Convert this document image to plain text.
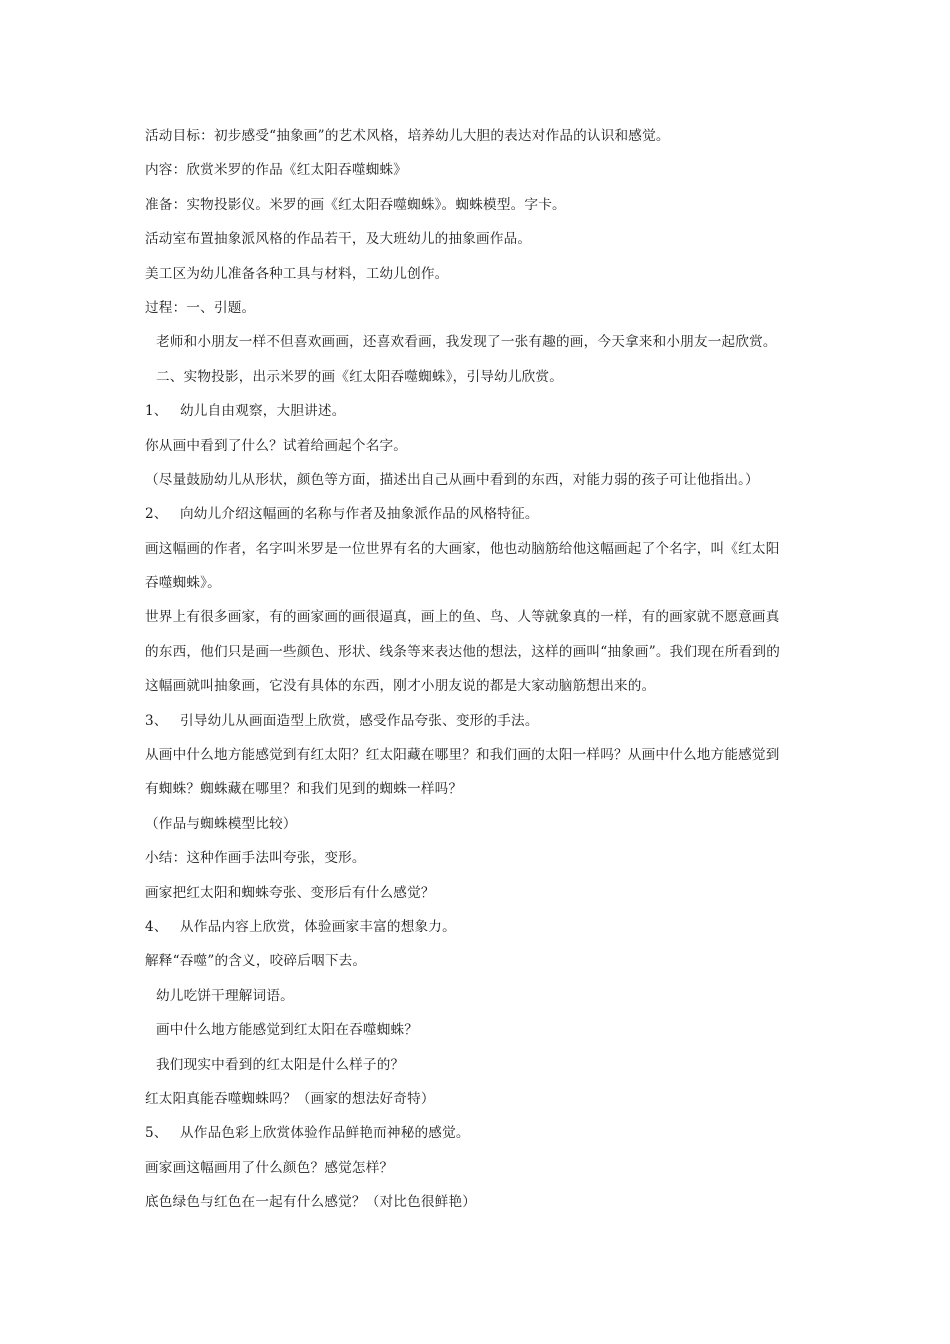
活动目标：初步感受“抽象画”的艺术风格，培养幼儿大胆的表达对作品的认识和感觉。
内容：欣赏米罗的作品《红太阳吞噬蜘蛛》
准备：实物投影仪。米罗的画《红太阳吞噬蜘蛛》。蜘蛛模型。字卡。
活动室布置抽象派风格的作品若干，及大班幼儿的抽象画作品。
美工区为幼儿准备各种工具与材料，工幼儿创作。
过程：一、引题。
老师和小朋友一样不但喜欢画画，还喜欢看画，我发现了一张有趣的画，今天拿来和小朋友一起欣赏。
二、实物投影，出示米罗的画《红太阳吞噬蜘蛛》，引导幼儿欣赏。
1、 幼儿自由观察，大胆讲述。
你从画中看到了什么？试着给画起个名字。
（尽量鼓励幼儿从形状，颜色等方面，描述出自己从画中看到的东西，对能力弱的孩子可让他指出。）
2、 向幼儿介绍这幅画的名称与作者及抽象派作品的风格特征。
画这幅画的作者，名字叫米罗是一位世界有名的大画家，他也动脑筋给他这幅画起了个名字，叫《红太阳
吞噬蜘蛛》。
世界上有很多画家，有的画家画的画很逼真，画上的鱼、鸟、人等就象真的一样，有的画家就不愿意画真
的东西，他们只是画一些颜色、形状、线条等来表达他的想法，这样的画叫“抽象画”。我们现在所看到的
这幅画就叫抽象画，它没有具体的东西，刚才小朋友说的都是大家动脑筋想出来的。
3、 引导幼儿从画面造型上欣赏，感受作品夸张、变形的手法。
从画中什么地方能感觉到有红太阳？红太阳藏在哪里？和我们画的太阳一样吗？从画中什么地方能感觉到
有蜘蛛？蜘蛛藏在哪里？和我们见到的蜘蛛一样吗？
（作品与蜘蛛模型比较）
小结：这种作画手法叫夸张，变形。
画家把红太阳和蜘蛛夸张、变形后有什么感觉？
4、 从作品内容上欣赏，体验画家丰富的想象力。
解释“吞噬”的含义，咬碎后咽下去。
幼儿吃饼干理解词语。
画中什么地方能感觉到红太阳在吞噬蜘蛛？
我们现实中看到的红太阳是什么样子的？
红太阳真能吞噬蜘蛛吗？（画家的想法好奇特）
5、 从作品色彩上欣赏体验作品鲜艳而神秘的感觉。
画家画这幅画用了什么颜色？感觉怎样？
底色绿色与红色在一起有什么感觉？（对比色很鲜艳）
